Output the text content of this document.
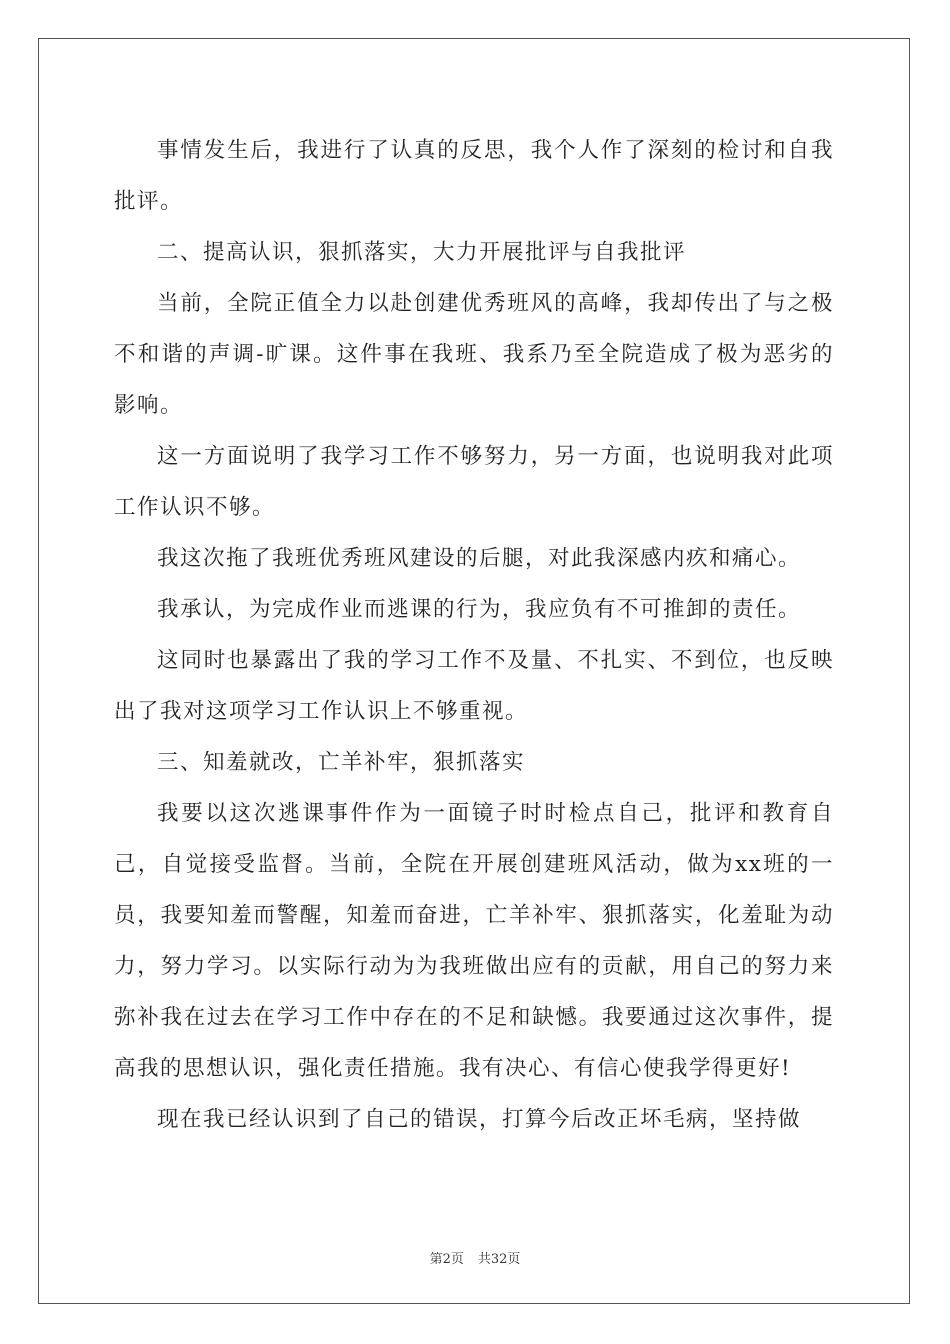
事情发生后，我进行了认真的反思，我个人作了深刻的检讨和自我批评。

二、提高认识，狠抓落实，大力开展批评与自我批评

当前，全院正值全力以赴创建优秀班风的高峰，我却传出了与之极不和谐的声调-旷课。这件事在我班、我系乃至全院造成了极为恶劣的影响。

这一方面说明了我学习工作不够努力，另一方面，也说明我对此项工作认识不够。

我这次拖了我班优秀班风建设的后腿，对此我深感内疚和痛心。

我承认，为完成作业而逃课的行为，我应负有不可推卸的责任。

这同时也暴露出了我的学习工作不及量、不扎实、不到位，也反映出了我对这项学习工作认识上不够重视。

三、知羞就改，亡羊补牢，狠抓落实

我要以这次逃课事件作为一面镜子时时检点自己，批评和教育自己，自觉接受监督。当前，全院在开展创建班风活动，做为xx班的一员，我要知羞而警醒，知羞而奋进，亡羊补牢、狠抓落实，化羞耻为动力，努力学习。以实际行动为为我班做出应有的贡献，用自己的努力来弥补我在过去在学习工作中存在的不足和缺憾。我要通过这次事件，提高我的思想认识，强化责任措施。我有决心、有信心使我学得更好!

现在我已经认识到了自己的错误，打算今后改正坏毛病，坚持做

第2页 共32页
